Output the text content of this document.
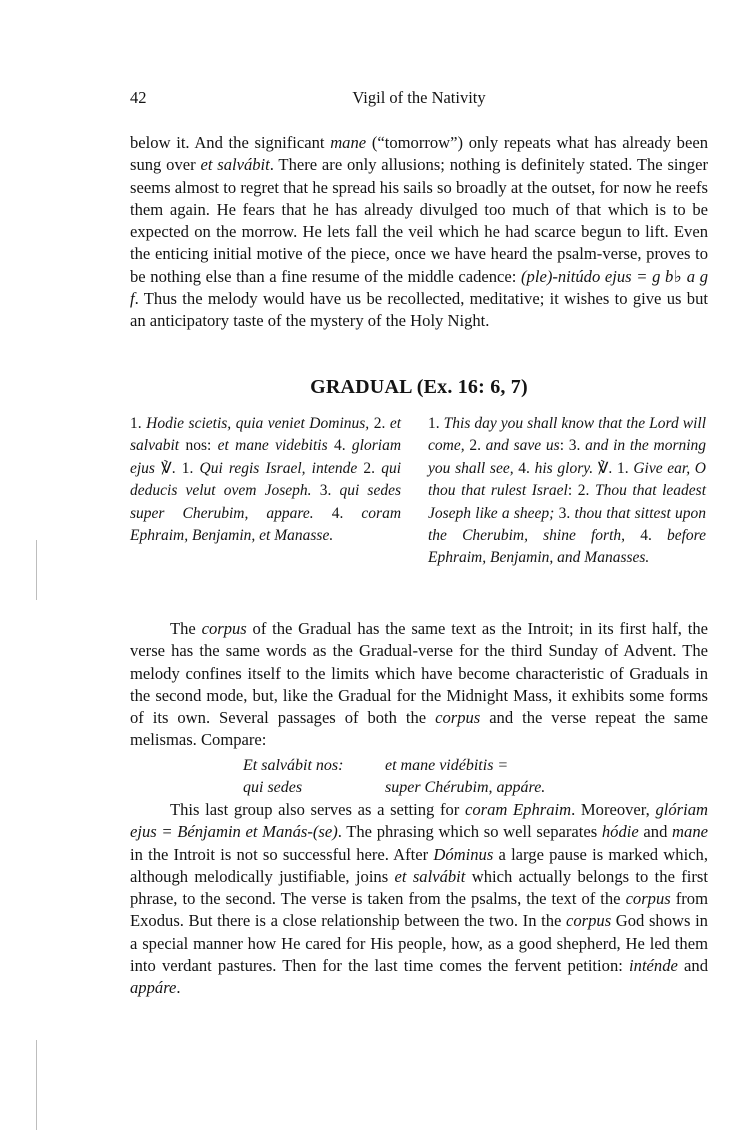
42	Vigil of the Nativity

below it. And the significant mane (“tomorrow”) only repeats what has already been sung over et salvábit. There are only allusions; nothing is definitely stated. The singer seems almost to regret that he spread his sails so broadly at the outset, for now he reefs them again. He fears that he has already divulged too much of that which is to be expected on the morrow. He lets fall the veil which he had scarce begun to lift. Even the enticing initial motive of the piece, once we have heard the psalm-verse, proves to be nothing else than a fine resume of the middle cadence: (ple)-nitúdo ejus = g b♭ a g f. Thus the melody would have us be recollected, meditative; it wishes to give us but an anticipatory taste of the mystery of the Holy Night.

GRADUAL (Ex. 16: 6, 7)

1. Hodie scietis, quia veniet Dominus, 2. et salvabit nos: et mane videbitis 4. gloriam ejus ℣. 1. Qui regis Israel, intende 2. qui deducis velut ovem Joseph. 3. qui sedes super Cherubim, appare. 4. coram Ephraim, Benjamin, et Manasse.

1. This day you shall know that the Lord will come, 2. and save us: 3. and in the morning you shall see, 4. his glory. ℣. 1. Give ear, O thou that rulest Israel: 2. Thou that leadest Joseph like a sheep; 3. thou that sittest upon the Cherubim, shine forth, 4. before Ephraim, Benjamin, and Manasses.

The corpus of the Gradual has the same text as the Introit; in its first half, the verse has the same words as the Gradual-verse for the third Sunday of Advent. The melody confines itself to the limits which have become characteristic of Graduals in the second mode, but, like the Gradual for the Midnight Mass, it exhibits some forms of its own. Several passages of both the corpus and the verse repeat the same melismas. Compare:

Et salvábit nos:	et mane vidébitis =
qui sedes	super Chérubim, appáre.

This last group also serves as a setting for coram Ephraim. Moreover, glóriam ejus = Bénjamin et Manás-(se). The phrasing which so well separates hódie and mane in the Introit is not so successful here. After Dóminus a large pause is marked which, although melodically justifiable, joins et salvábit which actually belongs to the first phrase, to the second. The verse is taken from the psalms, the text of the corpus from Exodus. But there is a close relationship between the two. In the corpus God shows in a special manner how He cared for His people, how, as a good shepherd, He led them into verdant pastures. Then for the last time comes the fervent petition: inténde and appáre.
